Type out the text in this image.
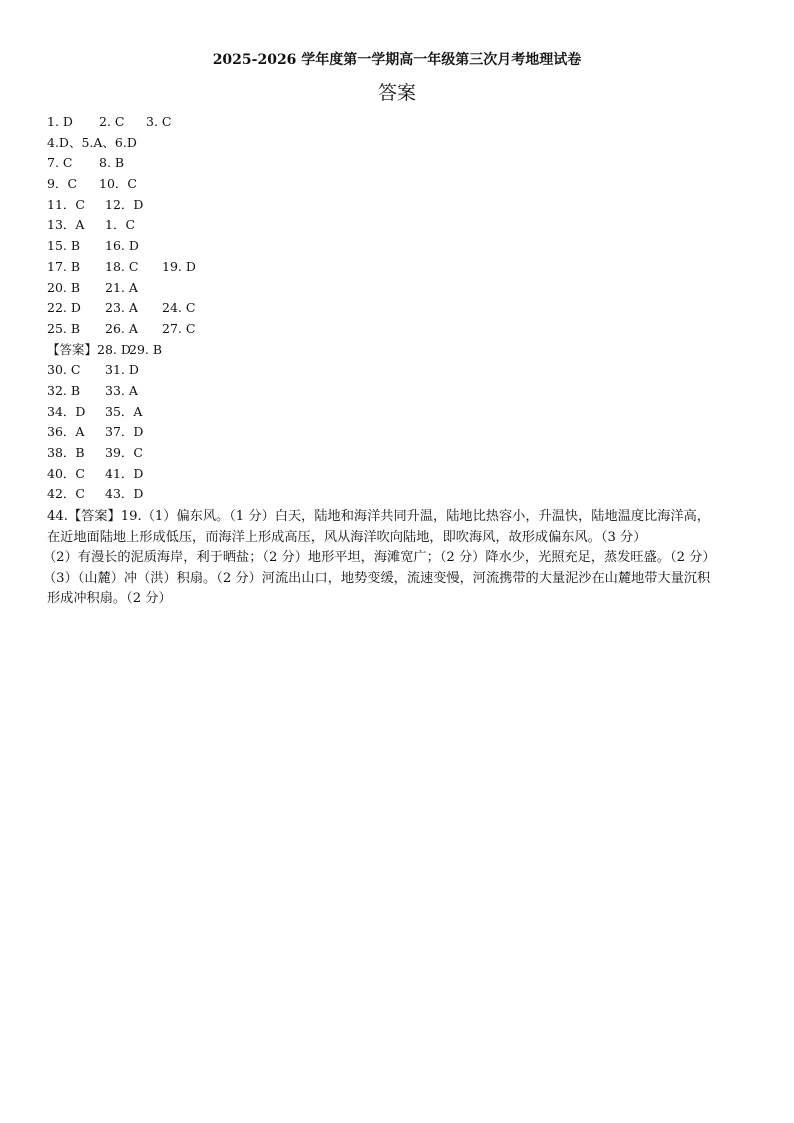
2025-2026 学年度第一学期高一年级第三次月考地理试卷
答案
1. D 2. C 3. C
4.D、5.A、6.D
7. C 8. B
9．C 10．C
11．C 12．D
13．A 1．C
15. B 16. D
17. B 18. C 19. D
20. B 21. A
22. D 23. A 24. C
25. B 26. A 27. C
【答案】28. D29. B
30. C 31. D
32. B 33. A
34．D 35．A
36．A 37．D
38．B 39．C
40．C 41．D
42．C 43．D

44.【答案】19.（1）偏东风。（1 分）白天，陆地和海洋共同升温，陆地比热容小，升温快，陆地温度比海洋高，

在近地面陆地上形成低压，而海洋上形成高压，风从海洋吹向陆地，即吹海风，故形成偏东风。（3 分）

（2）有漫长的泥质海岸，利于晒盐；（2 分）地形平坦，海滩宽广；（2 分）降水少，光照充足，蒸发旺盛。（2 分）

（3）（山麓）冲（洪）积扇。（2 分）河流出山口，地势变缓，流速变慢，河流携带的大量泥沙在山麓地带大量沉积

形成冲积扇。（2 分）
